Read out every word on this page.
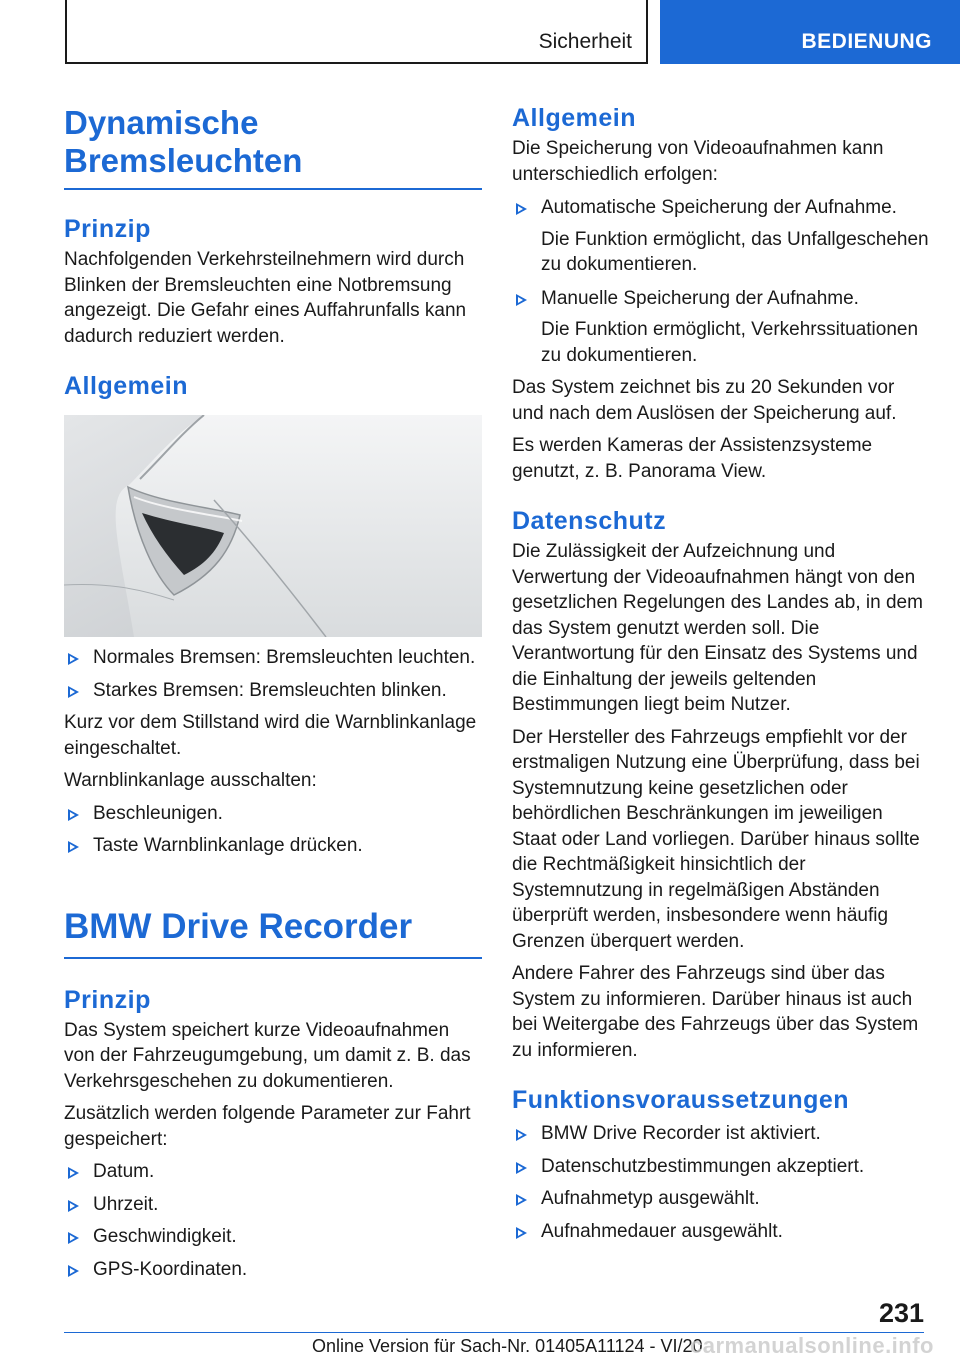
Sicherheit	BEDIENUNG
Dynamische
Bremsleuchten
Prinzip

Nachfolgenden Verkehrsteilnehmern wird durch Blinken der Bremsleuchten eine Notbremsung angezeigt. Die Gefahr eines Auffahrunfalls kann dadurch reduziert werden.

Allgemein
Normales Bremsen: Bremsleuchten leuchten.
Starkes Bremsen: Bremsleuchten blinken.

Kurz vor dem Stillstand wird die Warnblinkanlage eingeschaltet.

Warnblinkanlage ausschalten:

Beschleunigen.
Taste Warnblinkanlage drücken.
BMW Drive Recorder
Prinzip

Das System speichert kurze Videoaufnahmen von der Fahrzeugumgebung, um damit z. B. das Verkehrsgeschehen zu dokumentieren.

Zusätzlich werden folgende Parameter zur Fahrt gespeichert:

Datum.
Uhrzeit.
Geschwindigkeit.
GPS-Koordinaten.
Allgemein

Die Speicherung von Videoaufnahmen kann unterschiedlich erfolgen:

Automatische Speicherung der Aufnahme.
Die Funktion ermöglicht, das Unfallgeschehen zu dokumentieren.
Manuelle Speicherung der Aufnahme.
Die Funktion ermöglicht, Verkehrssituationen zu dokumentieren.

Das System zeichnet bis zu 20 Sekunden vor und nach dem Auslösen der Speicherung auf.

Es werden Kameras der Assistenzsysteme genutzt, z. B. Panorama View.

Datenschutz

Die Zulässigkeit der Aufzeichnung und Verwertung der Videoaufnahmen hängt von den gesetzlichen Regelungen des Landes ab, in dem das System genutzt werden soll. Die Verantwortung für den Einsatz des Systems und die Einhaltung der jeweils geltenden Bestimmungen liegt beim Nutzer.

Der Hersteller des Fahrzeugs empfiehlt vor der erstmaligen Nutzung eine Überprüfung, dass bei Systemnutzung keine gesetzlichen oder behördlichen Beschränkungen im jeweiligen Staat oder Land vorliegen. Darüber hinaus sollte die Rechtmäßigkeit hinsichtlich der Systemnutzung in regelmäßigen Abständen überprüft werden, insbesondere wenn häufig Grenzen überquert werden.

Andere Fahrer des Fahrzeugs sind über das System zu informieren. Darüber hinaus ist auch bei Weitergabe des Fahrzeugs über das System zu informieren.

Funktionsvoraussetzungen
BMW Drive Recorder ist aktiviert.
Datenschutzbestimmungen akzeptiert.
Aufnahmetyp ausgewählt.
Aufnahmedauer ausgewählt.
231
Online Version für Sach-Nr. 01405A11124 - VI/20
carmanualsonline.info
